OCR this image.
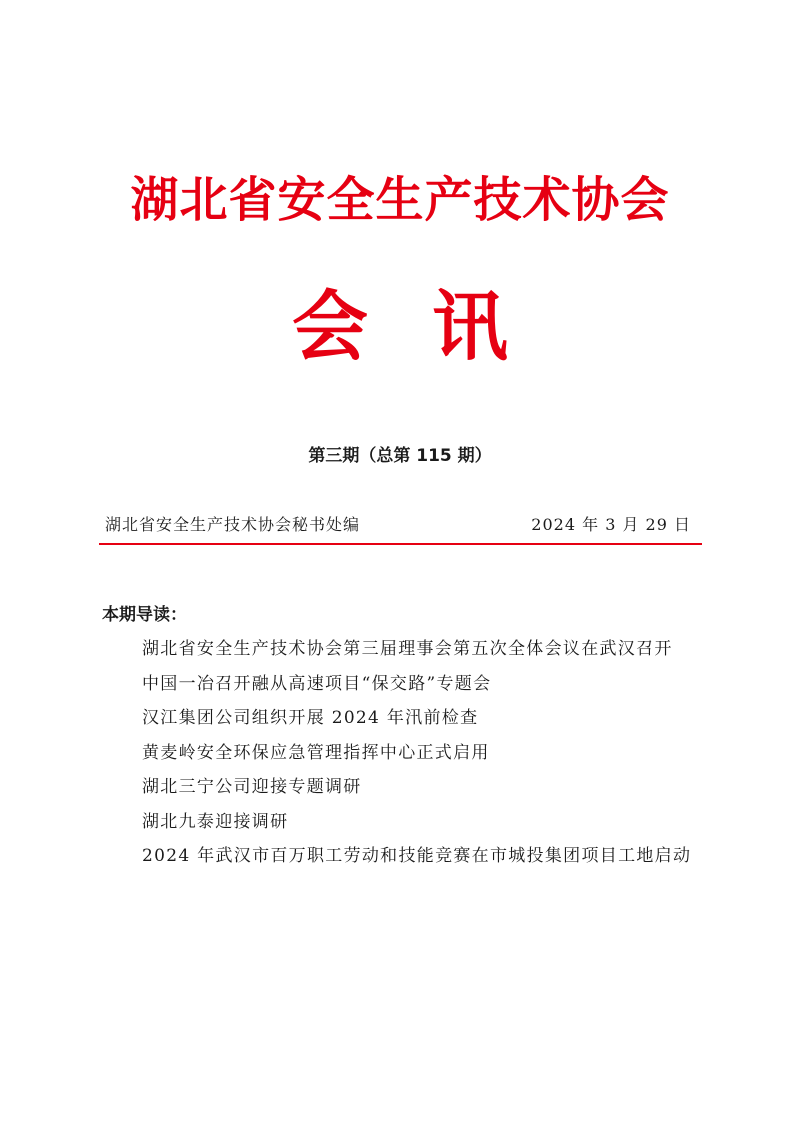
湖北省安全生产技术协会
会讯
第三期（总第 115 期）
湖北省安全生产技术协会秘书处编	2024 年 3 月 29 日
本期导读：
湖北省安全生产技术协会第三届理事会第五次全体会议在武汉召开
中国一冶召开融从高速项目“保交路”专题会
汉江集团公司组织开展 2024 年汛前检查
黄麦岭安全环保应急管理指挥中心正式启用
湖北三宁公司迎接专题调研
湖北九泰迎接调研
2024 年武汉市百万职工劳动和技能竞赛在市城投集团项目工地启动
